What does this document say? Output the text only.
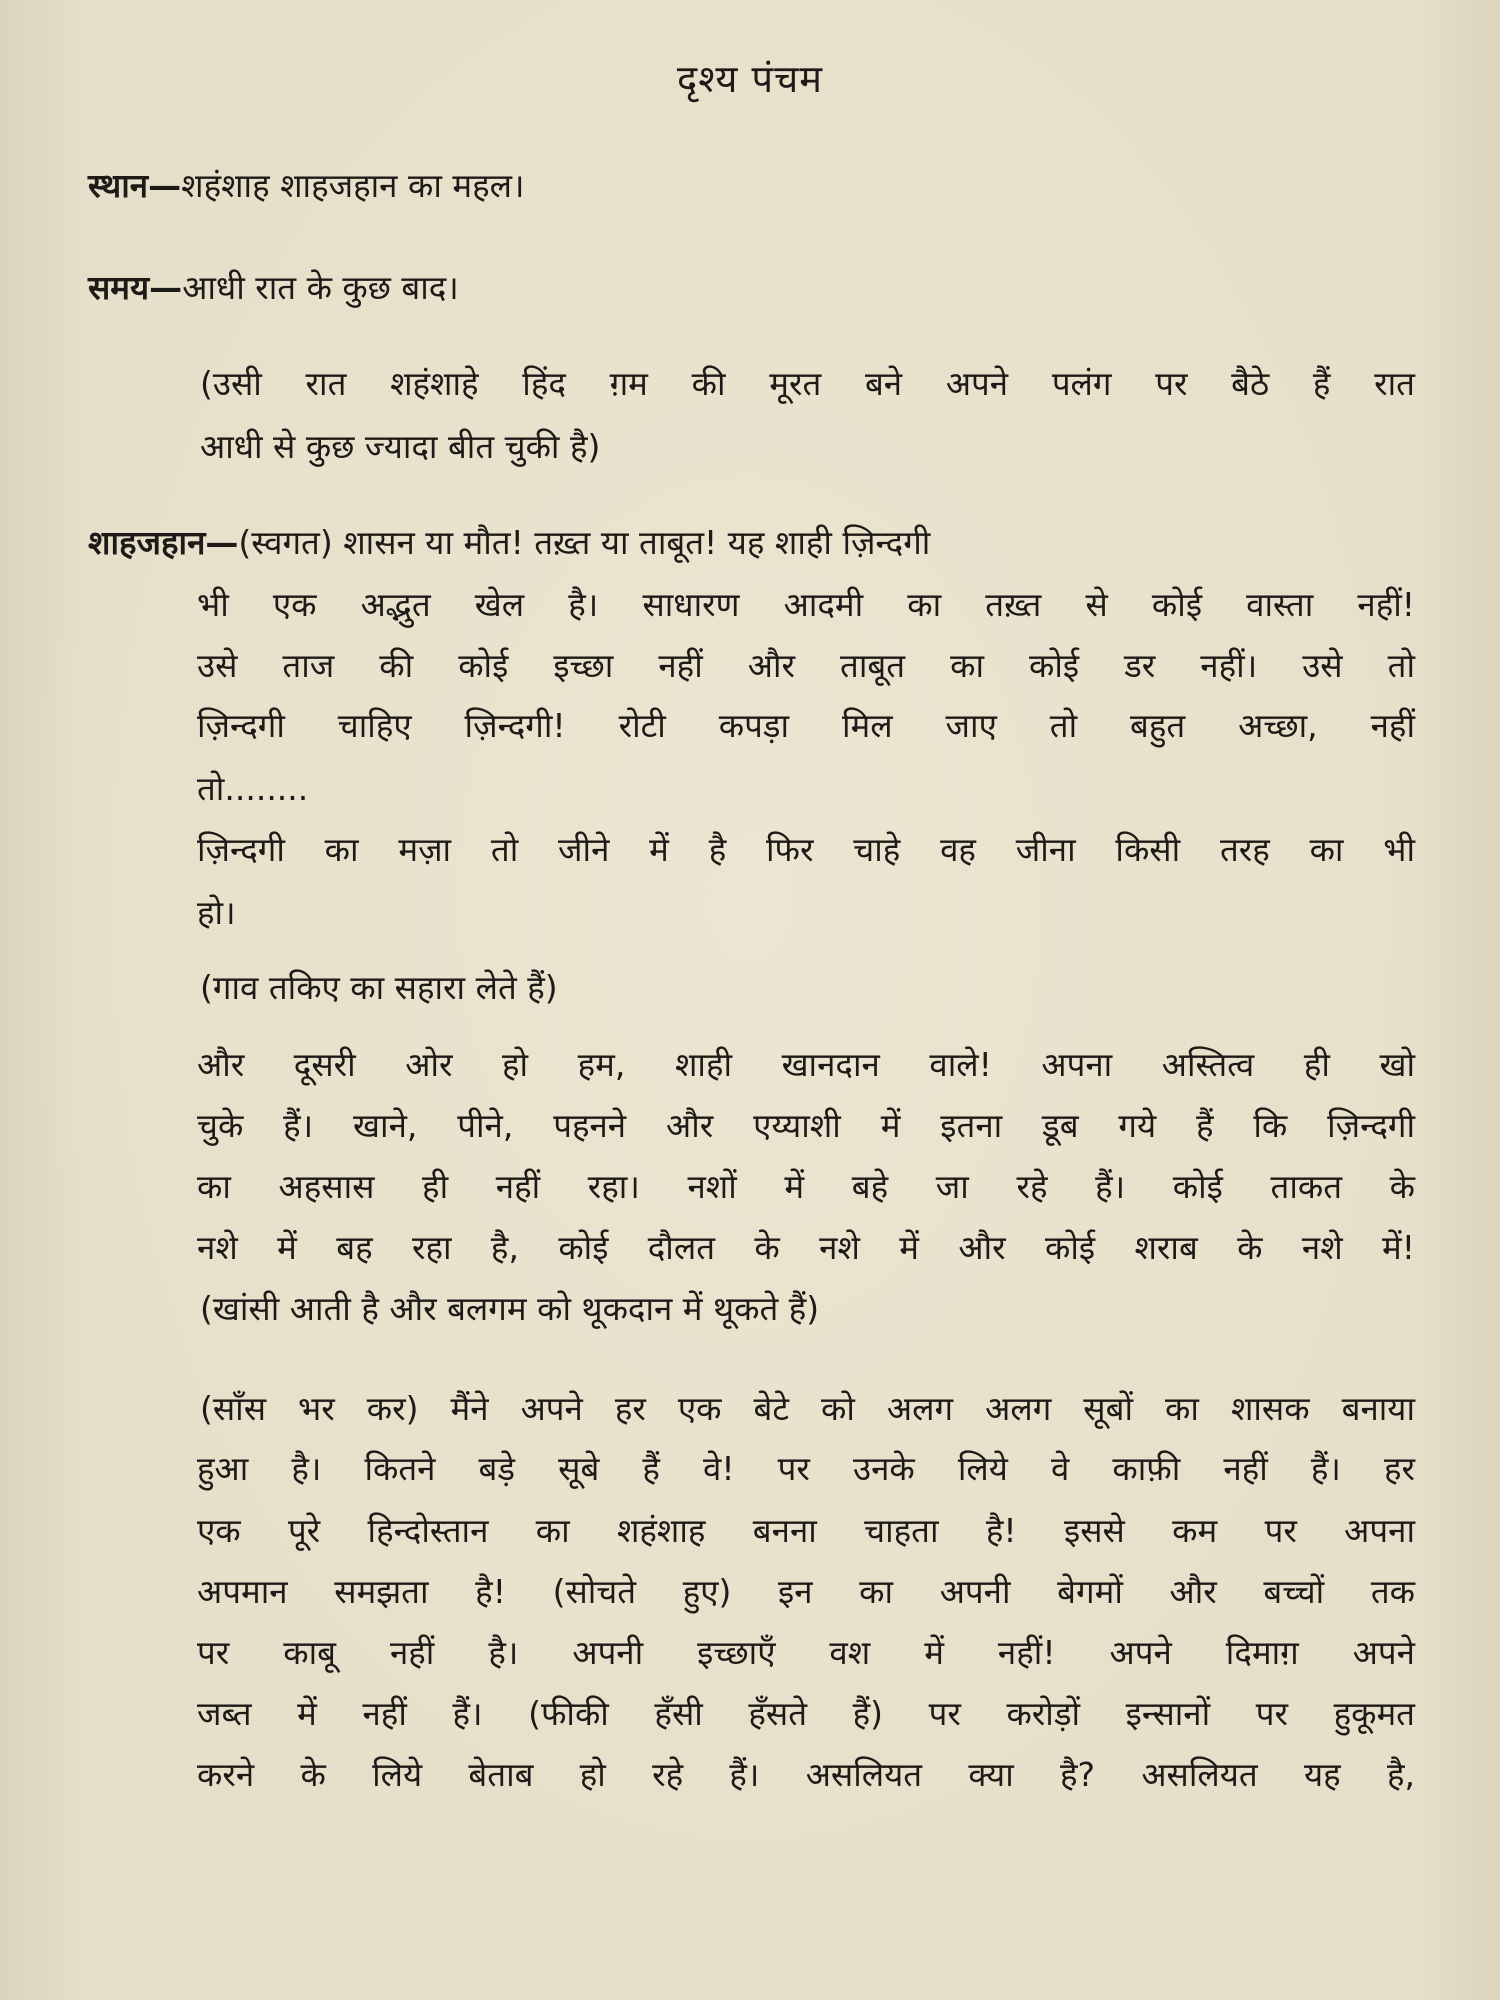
दृश्य पंचम
स्थान—शहंशाह शाहजहान का महल।
समय—आधी रात के कुछ बाद।
(उसी रात शहंशाहे हिंद ग़म की मूरत बने अपने पलंग पर बैठे हैं रात
आधी से कुछ ज्यादा बीत चुकी है)
शाहजहान—(स्वगत) शासन या मौत! तख़्त या ताबूत! यह शाही ज़िन्दगी
भी एक अद्भुत खेल है। साधारण आदमी का तख़्त से कोई वास्ता नहीं!
उसे ताज की कोई इच्छा नहीं और ताबूत का कोई डर नहीं। उसे तो
ज़िन्दगी चाहिए ज़िन्दगी! रोटी कपड़ा मिल जाए तो बहुत अच्छा, नहीं
तो........
ज़िन्दगी का मज़ा तो जीने में है फिर चाहे वह जीना किसी तरह का भी
हो।
(गाव तकिए का सहारा लेते हैं)
और दूसरी ओर हो हम, शाही खानदान वाले! अपना अस्तित्व ही खो
चुके हैं। खाने, पीने, पहनने और एय्याशी में इतना डूब गये हैं कि ज़िन्दगी
का अहसास ही नहीं रहा। नशों में बहे जा रहे हैं। कोई ताकत के
नशे में बह रहा है, कोई दौलत के नशे में और कोई शराब के नशे में!
(खांसी आती है और बलगम को थूकदान में थूकते हैं)
(साँस भर कर) मैंने अपने हर एक बेटे को अलग अलग सूबों का शासक बनाया
हुआ है। कितने बड़े सूबे हैं वे! पर उनके लिये वे काफ़ी नहीं हैं। हर
एक पूरे हिन्दोस्तान का शहंशाह बनना चाहता है! इससे कम पर अपना
अपमान समझता है! (सोचते हुए) इन का अपनी बेगमों और बच्चों तक
पर काबू नहीं है। अपनी इच्छाएँ वश में नहीं! अपने दिमाग़ अपने
जब्त में नहीं हैं। (फीकी हँसी हँसते हैं) पर करोड़ों इन्सानों पर हुकूमत
करने के लिये बेताब हो रहे हैं। असलियत क्या है? असलियत यह है,
